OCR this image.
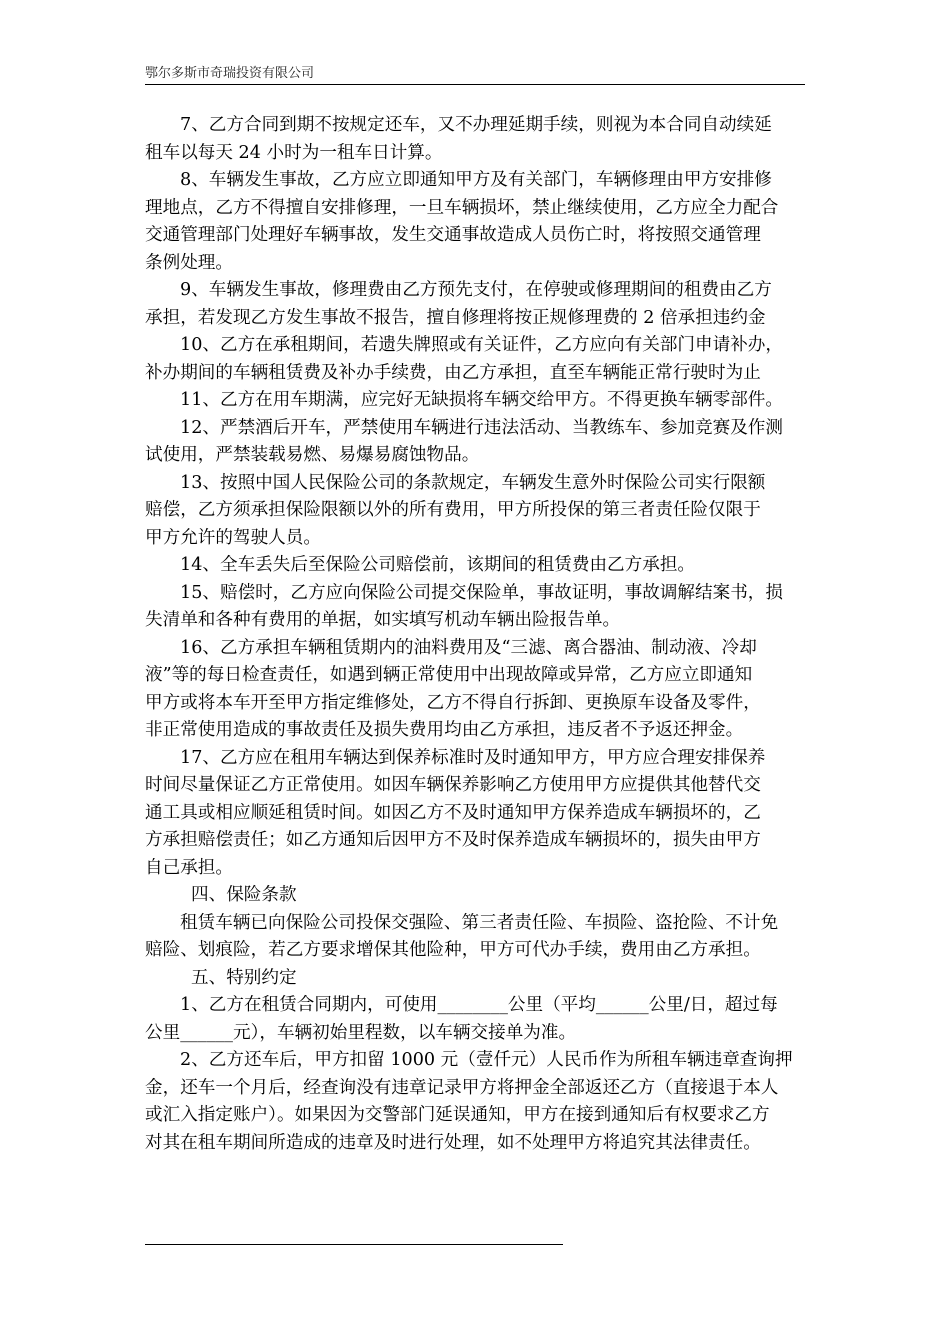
鄂尔多斯市奇瑞投资有限公司
7、乙方合同到期不按规定还车，又不办理延期手续，则视为本合同自动续延
租车以每天 24 小时为一租车日计算。
8、车辆发生事故，乙方应立即通知甲方及有关部门，车辆修理由甲方安排修
理地点，乙方不得擅自安排修理，一旦车辆损坏，禁止继续使用，乙方应全力配合
交通管理部门处理好车辆事故，发生交通事故造成人员伤亡时，将按照交通管理
条例处理。
9、车辆发生事故，修理费由乙方预先支付，在停驶或修理期间的租费由乙方
承担，若发现乙方发生事故不报告，擅自修理将按正规修理费的 2 倍承担违约金
10、乙方在承租期间，若遗失牌照或有关证件，乙方应向有关部门申请补办，
补办期间的车辆租赁费及补办手续费，由乙方承担，直至车辆能正常行驶时为止
11、乙方在用车期满，应完好无缺损将车辆交给甲方。不得更换车辆零部件。
12、严禁酒后开车，严禁使用车辆进行违法活动、当教练车、参加竞赛及作测
试使用，严禁装载易燃、易爆易腐蚀物品。
13、按照中国人民保险公司的条款规定，车辆发生意外时保险公司实行限额
赔偿，乙方须承担保险限额以外的所有费用，甲方所投保的第三者责任险仅限于
甲方允许的驾驶人员。
14、全车丢失后至保险公司赔偿前，该期间的租赁费由乙方承担。
15、赔偿时，乙方应向保险公司提交保险单，事故证明，事故调解结案书，损
失清单和各种有费用的单据，如实填写机动车辆出险报告单。
16、乙方承担车辆租赁期内的油料费用及“三滤、离合器油、制动液、冷却
液”等的每日检查责任，如遇到辆正常使用中出现故障或异常，乙方应立即通知
甲方或将本车开至甲方指定维修处，乙方不得自行拆卸、更换原车设备及零件，
非正常使用造成的事故责任及损失费用均由乙方承担，违反者不予返还押金。
17、乙方应在租用车辆达到保养标准时及时通知甲方，甲方应合理安排保养
时间尽量保证乙方正常使用。如因车辆保养影响乙方使用甲方应提供其他替代交
通工具或相应顺延租赁时间。如因乙方不及时通知甲方保养造成车辆损坏的，乙
方承担赔偿责任；如乙方通知后因甲方不及时保养造成车辆损坏的，损失由甲方
自己承担。
四、保险条款
租赁车辆已向保险公司投保交强险、第三者责任险、车损险、盗抢险、不计免
赔险、划痕险，若乙方要求增保其他险种，甲方可代办手续，费用由乙方承担。
五、特别约定
1、乙方在租赁合同期内，可使用________公里（平均______公里/日，超过每
公里______元），车辆初始里程数，以车辆交接单为准。
2、乙方还车后，甲方扣留 1000 元（壹仟元）人民币作为所租车辆违章查询押
金，还车一个月后，经查询没有违章记录甲方将押金全部返还乙方（直接退于本人
或汇入指定账户）。如果因为交警部门延误通知，甲方在接到通知后有权要求乙方
对其在租车期间所造成的违章及时进行处理，如不处理甲方将追究其法律责任。
